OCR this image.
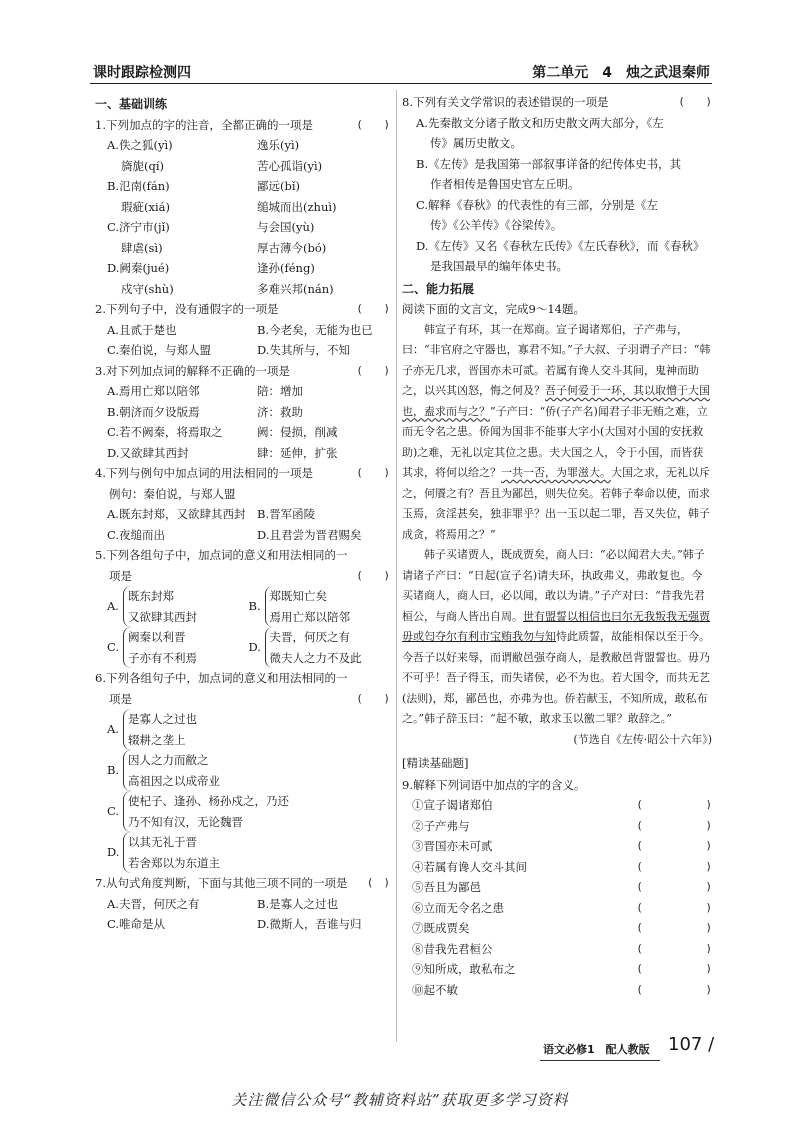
课时跟踪检测四	第二单元　4　烛之武退秦师
一、基础训练
1.下列加点的字的注音，全都正确的一项是	(　　)
A.佚之狐(yì)	逸乐(yì)
旖旎(qí)	苦心孤诣(yì)
B.氾南(fán)	鄙远(bǐ)
瑕疵(xiá)	缒城而出(zhuì)
C.济宁市(jǐ)	与会国(yù)
肆虐(sì)	厚古薄今(bó)
D.阙秦(jué)	逢孙(féng)
戍守(shù)	多难兴邦(nán)
2.下列句子中，没有通假字的一项是	(　　)
A.且贰于楚也	B.今老矣，无能为也已
C.秦伯说，与郑人盟	D.失其所与，不知
3.对下列加点词的解释不正确的一项是	(　　)
A.焉用亡郑以陪邻	陪：增加
B.朝济而夕设版焉	济：救助
C.若不阙秦，将焉取之	阙：侵损，削减
D.又欲肆其西封	肆：延伸，扩张
4.下列与例句中加点词的用法相同的一项是	(　　)
例句：秦伯说，与郑人盟
A.既东封郑，又欲肆其西封	B.晋军函陵
C.夜缒而出	D.且君尝为晋君赐矣
5.下列各组句子中，加点词的意义和用法相同的一
项是	(　　)
A.
既东封郑
又欲肆其西封
B.
郑既知亡矣
焉用亡郑以陪邻
C.
阙秦以利晋
子亦有不利焉
D.
夫晋，何厌之有
微夫人之力不及此
6.下列各组句子中，加点词的意义和用法相同的一
项是	(　　)
A.
是寡人之过也
辍耕之垄上
B.
因人之力而敝之
高祖因之以成帝业
C.
使杞子、逢孙、杨孙戍之，乃还
乃不知有汉，无论魏晋
D.
以其无礼于晋
若舍郑以为东道主
7.从句式角度判断，下面与其他三项不同的一项是 (　)
A.夫晋，何厌之有	B.是寡人之过也
C.唯命是从	D.微斯人，吾谁与归
8.下列有关文学常识的表述错误的一项是	(　　)
A.先秦散文分诸子散文和历史散文两大部分，《左
传》属历史散文。
B.《左传》是我国第一部叙事详备的纪传体史书，其
作者相传是鲁国史官左丘明。
C.解释《春秋》的代表性的有三部，分别是《左
传》《公羊传》《谷梁传》。
D.《左传》又名《春秋左氏传》《左氏春秋》，而《春秋》
是我国最早的编年体史书。
二、能力拓展
阅读下面的文言文，完成9～14题。
韩宣子有环，其一在郑商。宣子谒诸郑伯，子产弗与，曰：“非官府之守器也，寡君不知。”子大叔、子羽谓子产曰：“韩子亦无几求，晋国亦未可贰。若属有谗人交斗其间，鬼神而助之，以兴其凶怒，悔之何及？吾子何爱于一环，其以取憎于大国也，盍求而与之？”子产曰：“侨(子产名)闻君子非无贿之难，立而无令名之患。侨闻为国非不能事大字小(大国对小国的安抚救助)之难，无礼以定其位之患。夫大国之人，令于小国，而皆获其求，将何以给之？一共一否，为罪滋大。大国之求，无礼以斥之，何餍之有？吾且为鄙邑，则失位矣。若韩子奉命以使，而求玉焉，贪淫甚矣，独非罪乎？出一玉以起二罪，吾又失位，韩子成贪，将焉用之？”
韩子买诸贾人，既成贾矣，商人曰：“必以闻君大夫。”韩子请诸子产曰：“日起(宣子名)请夫环，执政弗义，弗敢复也。今买诸商人，商人曰，必以闻，敢以为请。”子产对曰：“昔我先君桓公，与商人皆出自周。世有盟誓以相信也曰尔无我叛我无强贾毋或匄夺尔有利市宝贿我勿与知恃此质誓，故能相保以至于今。今吾子以好来辱，而谓敝邑强夺商人，是教敝邑背盟誓也。毋乃不可乎！吾子得玉，而失诸侯，必不为也。若大国令，而共无艺(法则)，郑，鄙邑也，亦弗为也。侨若献玉，不知所成，敢私布之。”韩子辞玉曰：“起不敏，敢求玉以徼二罪？敢辞之。”
(节选自《左传·昭公十六年》)
[精读基础题]
9.解释下列词语中加点的字的含义。
①宣子谒诸郑伯	(　　　　　　)
②子产弗与	(　　　　　　)
③晋国亦未可贰	(　　　　　　)
④若属有谗人交斗其间	(　　　　　　)
⑤吾且为鄙邑	(　　　　　　)
⑥立而无令名之患	(　　　　　　)
⑦既成贾矣	(　　　　　　)
⑧昔我先君桓公	(　　　　　　)
⑨知所成，敢私布之	(　　　　　　)
⑩起不敏	(　　　　　　)
语文必修1　配人教版 107 /
关注微信公众号“教辅资料站”获取更多学习资料
